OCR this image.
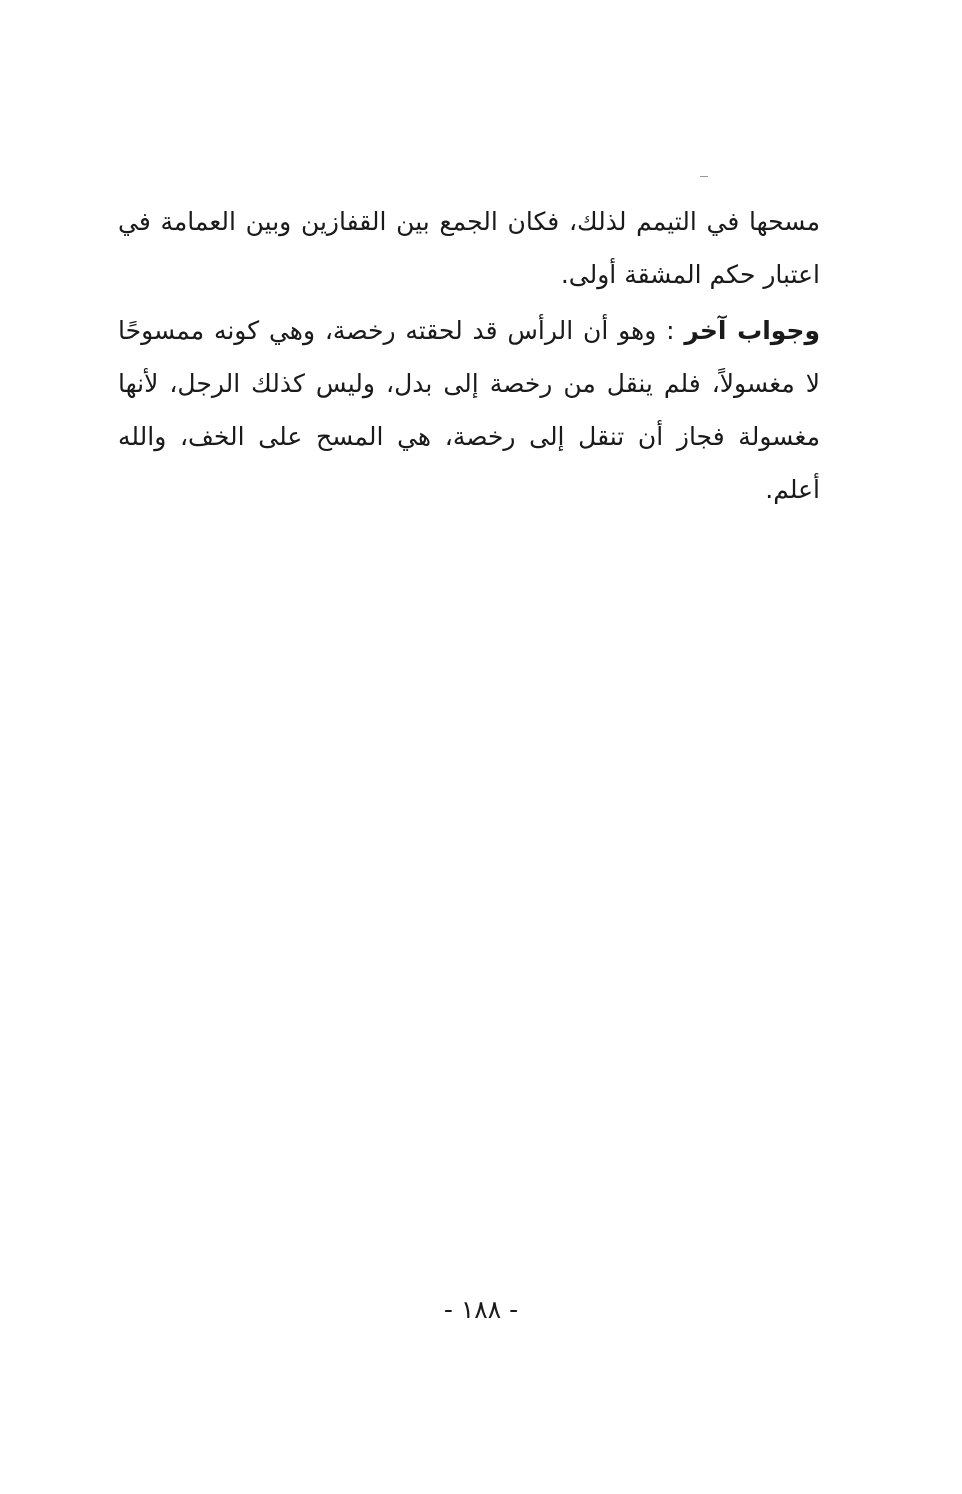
مسحها في التيمم لذلك، فكان الجمع بين القفازين وبين العمامة في اعتبار حكم المشقة أولى.

وجواب آخر : وهو أن الرأس قد لحقته رخصة، وهي كونه ممسوحًا لا مغسولاً، فلم ينقل من رخصة إلى بدل، وليس كذلك الرجل، لأنها مغسولة فجاز أن تنقل إلى رخصة، هي المسح على الخف، والله أعلم.

- ١٨٨ -
